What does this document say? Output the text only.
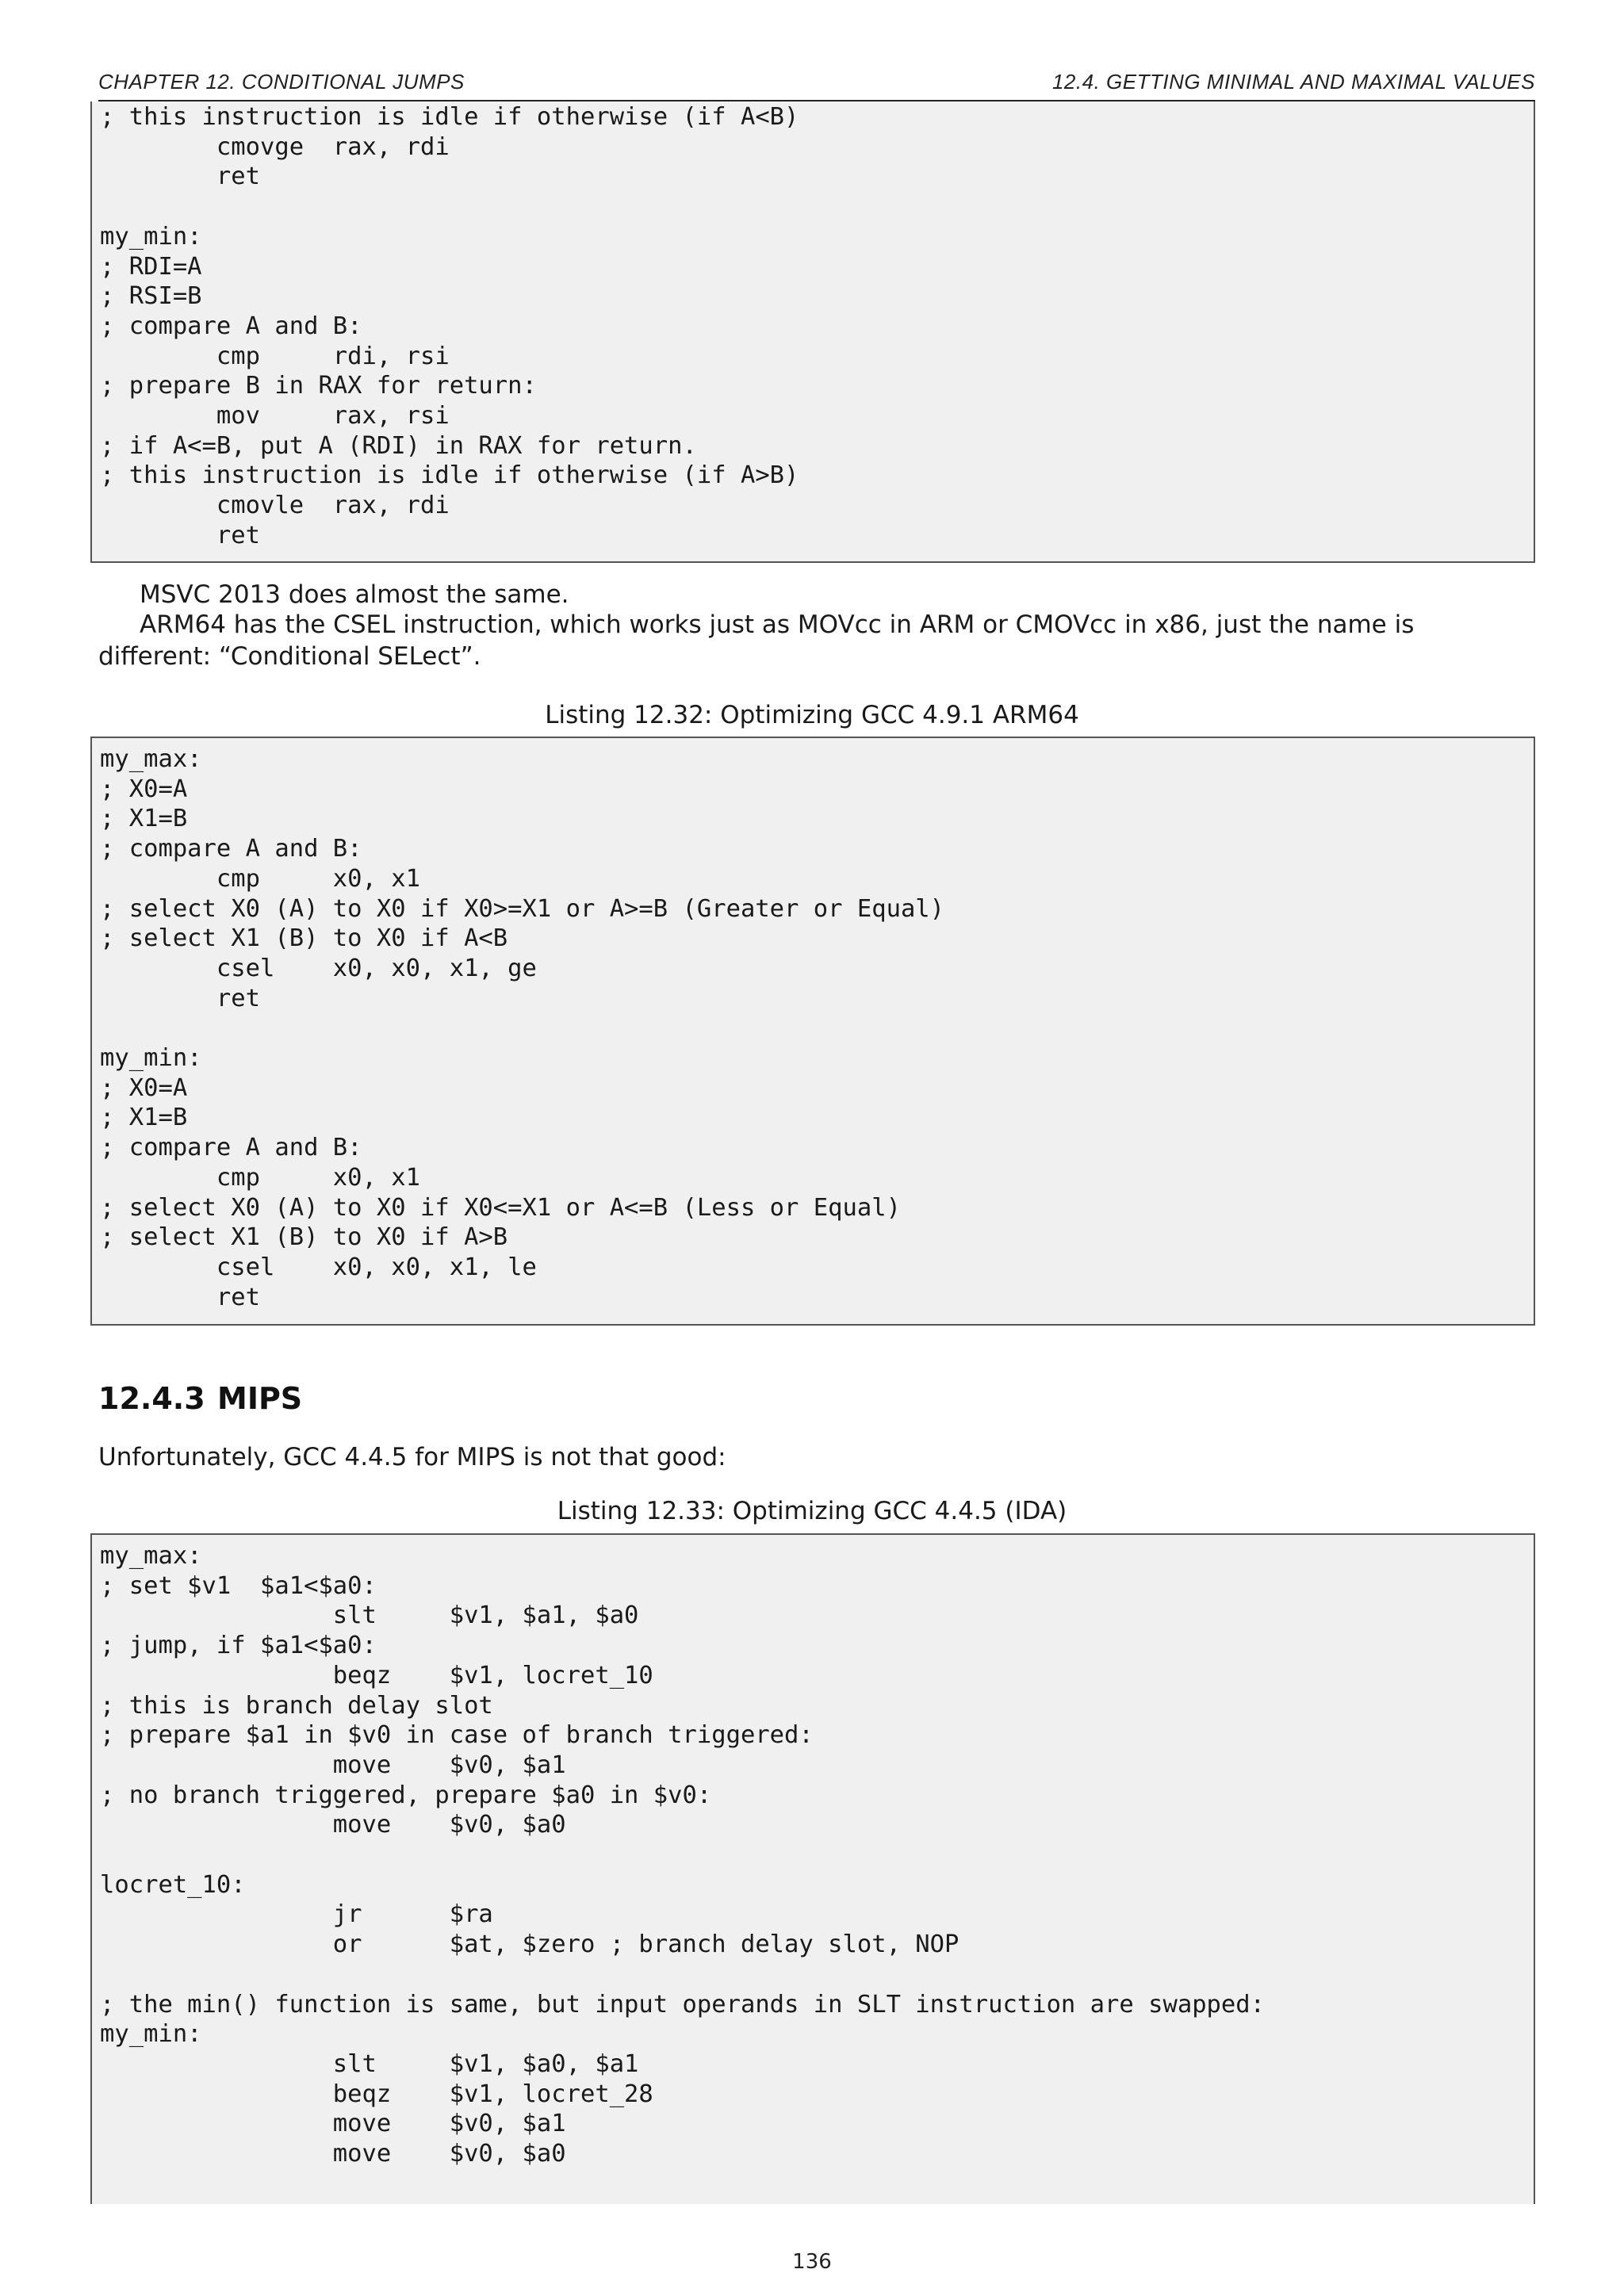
CHAPTER 12. CONDITIONAL JUMPS	12.4. GETTING MINIMAL AND MAXIMAL VALUES
; this instruction is idle if otherwise (if A<B)
cmovge  rax, rdi
ret

my_min:
; RDI=A
; RSI=B
; compare A and B:
cmp     rdi, rsi
; prepare B in RAX for return:
mov     rax, rsi
; if A<=B, put A (RDI) in RAX for return.
; this instruction is idle if otherwise (if A>B)
cmovle  rax, rdi
ret
MSVC 2013 does almost the same.
ARM64 has the CSEL instruction, which works just as MOVcc in ARM or CMOVcc in x86, just the name is different: “Conditional SELect”.
Listing 12.32: Optimizing GCC 4.9.1 ARM64
my_max:
; X0=A
; X1=B
; compare A and B:
cmp     x0, x1
; select X0 (A) to X0 if X0>=X1 or A>=B (Greater or Equal)
; select X1 (B) to X0 if A<B
csel    x0, x0, x1, ge
ret

my_min:
; X0=A
; X1=B
; compare A and B:
cmp     x0, x1
; select X0 (A) to X0 if X0<=X1 or A<=B (Less or Equal)
; select X1 (B) to X0 if A>B
csel    x0, x0, x1, le
ret
12.4.3 MIPS
Unfortunately, GCC 4.4.5 for MIPS is not that good:
Listing 12.33: Optimizing GCC 4.4.5 (IDA)
my_max:
; set $v1  $a1<$a0:
slt     $v1, $a1, $a0
; jump, if $a1<$a0:
beqz    $v1, locret_10
; this is branch delay slot
; prepare $a1 in $v0 in case of branch triggered:
move    $v0, $a1
; no branch triggered, prepare $a0 in $v0:
move    $v0, $a0

locret_10:
jr      $ra
or      $at, $zero ; branch delay slot, NOP

; the min() function is same, but input operands in SLT instruction are swapped:
my_min:
slt     $v1, $a0, $a1
beqz    $v1, locret_28
move    $v0, $a1
move    $v0, $a0
136
